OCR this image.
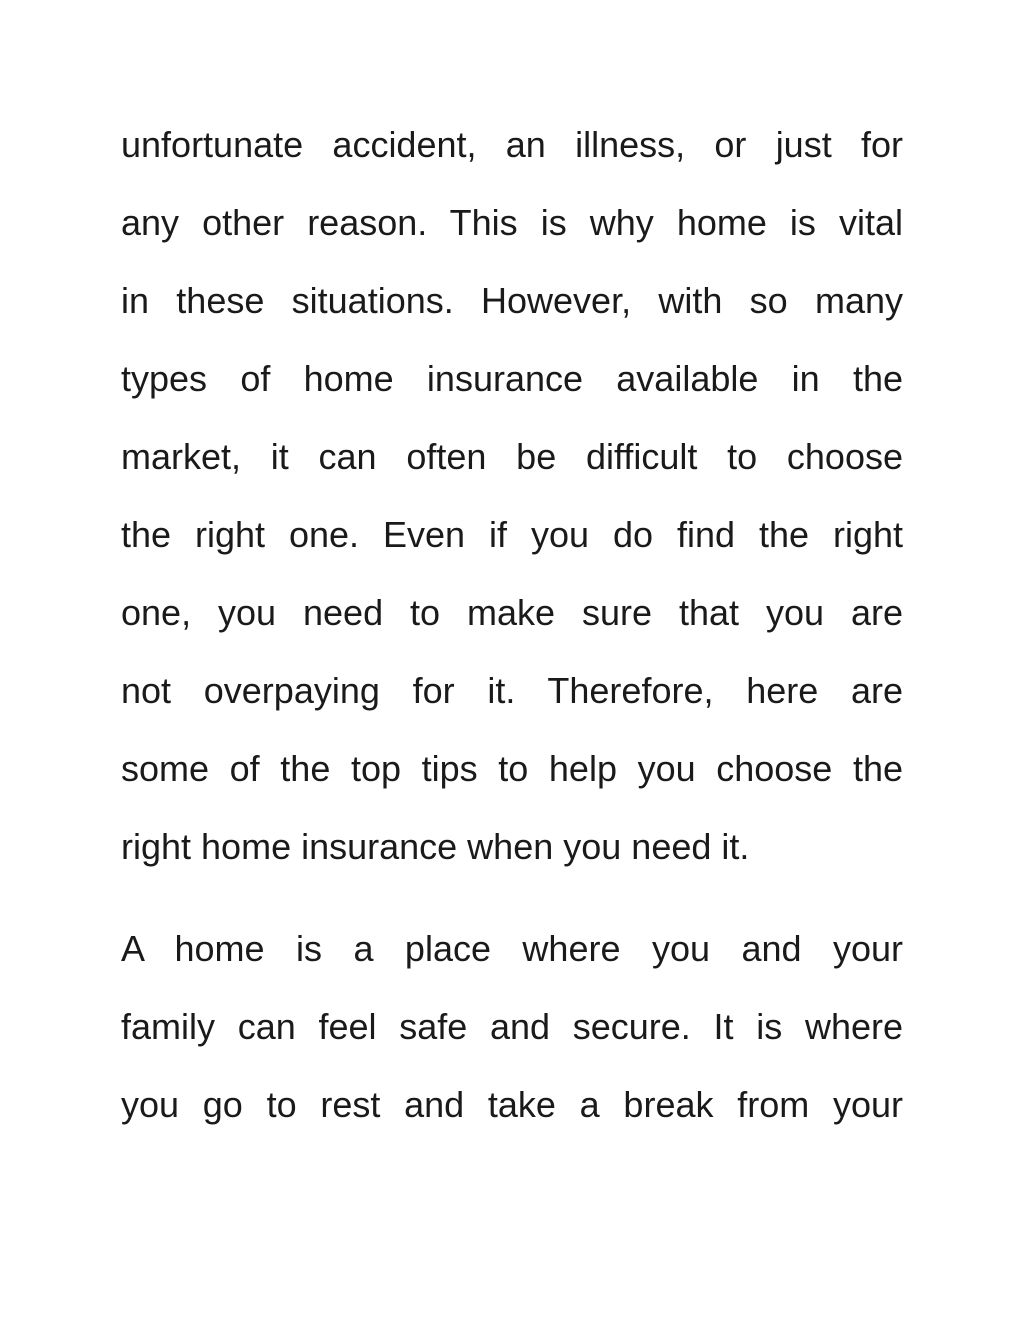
unfortunate accident, an illness, or just for
any other reason. This is why home is vital
in these situations. However, with so many
types of home insurance available in the
market, it can often be difficult to choose
the right one. Even if you do find the right
one, you need to make sure that you are
not overpaying for it. Therefore, here are
some of the top tips to help you choose the
right home insurance when you need it.
A home is a place where you and your
family can feel safe and secure. It is where
you go to rest and take a break from your
